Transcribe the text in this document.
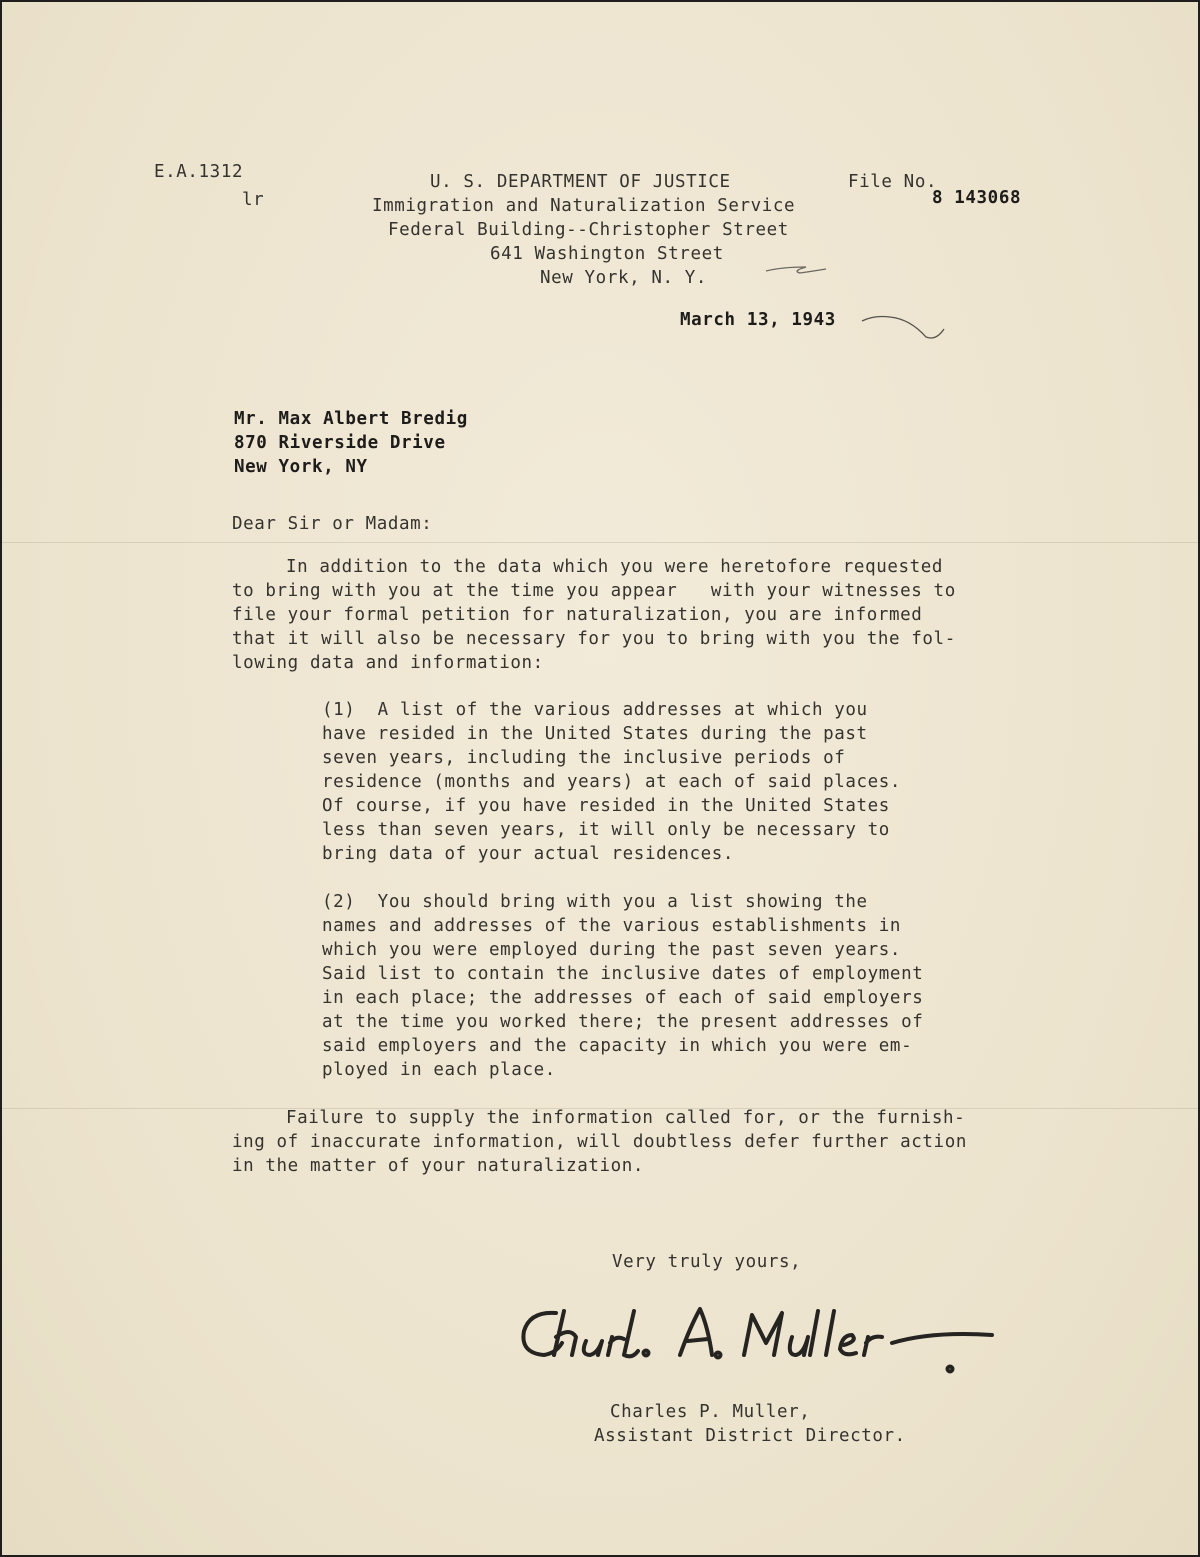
E.A.1312
lr
U. S. DEPARTMENT OF JUSTICE
Immigration and Naturalization Service
Federal Building--Christopher Street
641 Washington Street
New York, N. Y.
File No.
8 143068
March 13, 1943
Mr. Max Albert Bredig
870 Riverside Drive
New York, NY
Dear Sir or Madam:
In addition to the data which you were heretofore requested
to bring with you at the time you appear   with your witnesses to
file your formal petition for naturalization, you are informed
that it will also be necessary for you to bring with you the fol-
lowing data and information:
(1)  A list of the various addresses at which you
have resided in the United States during the past
seven years, including the inclusive periods of
residence (months and years) at each of said places.
Of course, if you have resided in the United States
less than seven years, it will only be necessary to
bring data of your actual residences.
(2)  You should bring with you a list showing the
names and addresses of the various establishments in
which you were employed during the past seven years.
Said list to contain the inclusive dates of employment
in each place; the addresses of each of said employers
at the time you worked there; the present addresses of
said employers and the capacity in which you were em-
ployed in each place.
Failure to supply the information called for, or the furnish-
ing of inaccurate information, will doubtless defer further action
in the matter of your naturalization.
Very truly yours,
Charles P. Muller,
Assistant District Director.
